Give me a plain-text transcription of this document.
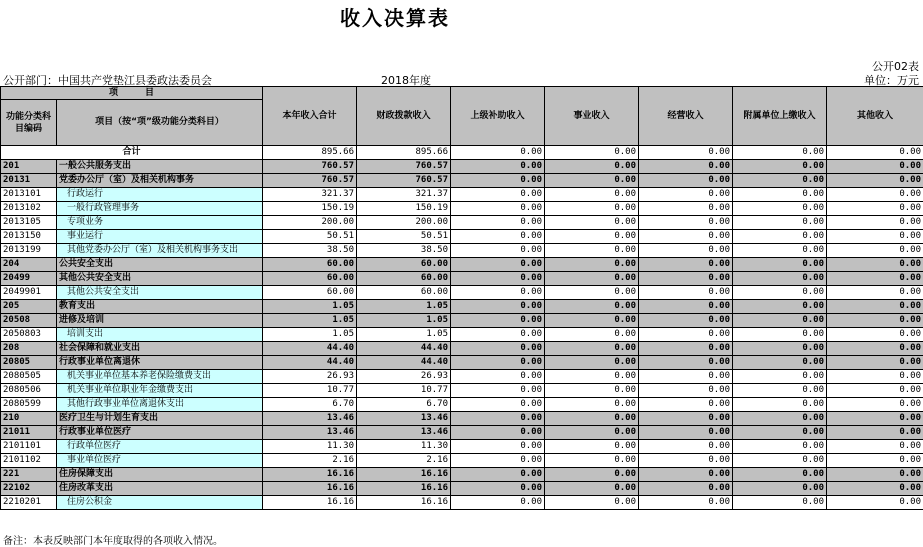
收入决算表
公开02表
公开部门：中国共产党垫江县委政法委员会	2018年度	单位：万元
项　　　目		本年收入合计	财政拨款收入	上级补助收入	事业收入	经营收入	附属单位上缴收入	其他收入
功能分类科目编码	项目（按“项”级功能分类科目）							
合计		895.66	895.66	0.00	0.00	0.00	0.00	0.00
201	一般公共服务支出	760.57	760.57	0.00	0.00	0.00	0.00	0.00
20131	党委办公厅（室）及相关机构事务	760.57	760.57	0.00	0.00	0.00	0.00	0.00
2013101	行政运行	321.37	321.37	0.00	0.00	0.00	0.00	0.00
2013102	一般行政管理事务	150.19	150.19	0.00	0.00	0.00	0.00	0.00
2013105	专项业务	200.00	200.00	0.00	0.00	0.00	0.00	0.00
2013150	事业运行	50.51	50.51	0.00	0.00	0.00	0.00	0.00
2013199	其他党委办公厅（室）及相关机构事务支出	38.50	38.50	0.00	0.00	0.00	0.00	0.00
204	公共安全支出	60.00	60.00	0.00	0.00	0.00	0.00	0.00
20499	其他公共安全支出	60.00	60.00	0.00	0.00	0.00	0.00	0.00
2049901	其他公共安全支出	60.00	60.00	0.00	0.00	0.00	0.00	0.00
205	教育支出	1.05	1.05	0.00	0.00	0.00	0.00	0.00
20508	进修及培训	1.05	1.05	0.00	0.00	0.00	0.00	0.00
2050803	培训支出	1.05	1.05	0.00	0.00	0.00	0.00	0.00
208	社会保障和就业支出	44.40	44.40	0.00	0.00	0.00	0.00	0.00
20805	行政事业单位离退休	44.40	44.40	0.00	0.00	0.00	0.00	0.00
2080505	机关事业单位基本养老保险缴费支出	26.93	26.93	0.00	0.00	0.00	0.00	0.00
2080506	机关事业单位职业年金缴费支出	10.77	10.77	0.00	0.00	0.00	0.00	0.00
2080599	其他行政事业单位离退休支出	6.70	6.70	0.00	0.00	0.00	0.00	0.00
210	医疗卫生与计划生育支出	13.46	13.46	0.00	0.00	0.00	0.00	0.00
21011	行政事业单位医疗	13.46	13.46	0.00	0.00	0.00	0.00	0.00
2101101	行政单位医疗	11.30	11.30	0.00	0.00	0.00	0.00	0.00
2101102	事业单位医疗	2.16	2.16	0.00	0.00	0.00	0.00	0.00
221	住房保障支出	16.16	16.16	0.00	0.00	0.00	0.00	0.00
22102	住房改革支出	16.16	16.16	0.00	0.00	0.00	0.00	0.00
2210201	住房公积金	16.16	16.16	0.00	0.00	0.00	0.00	0.00
备注：本表反映部门本年度取得的各项收入情况。
